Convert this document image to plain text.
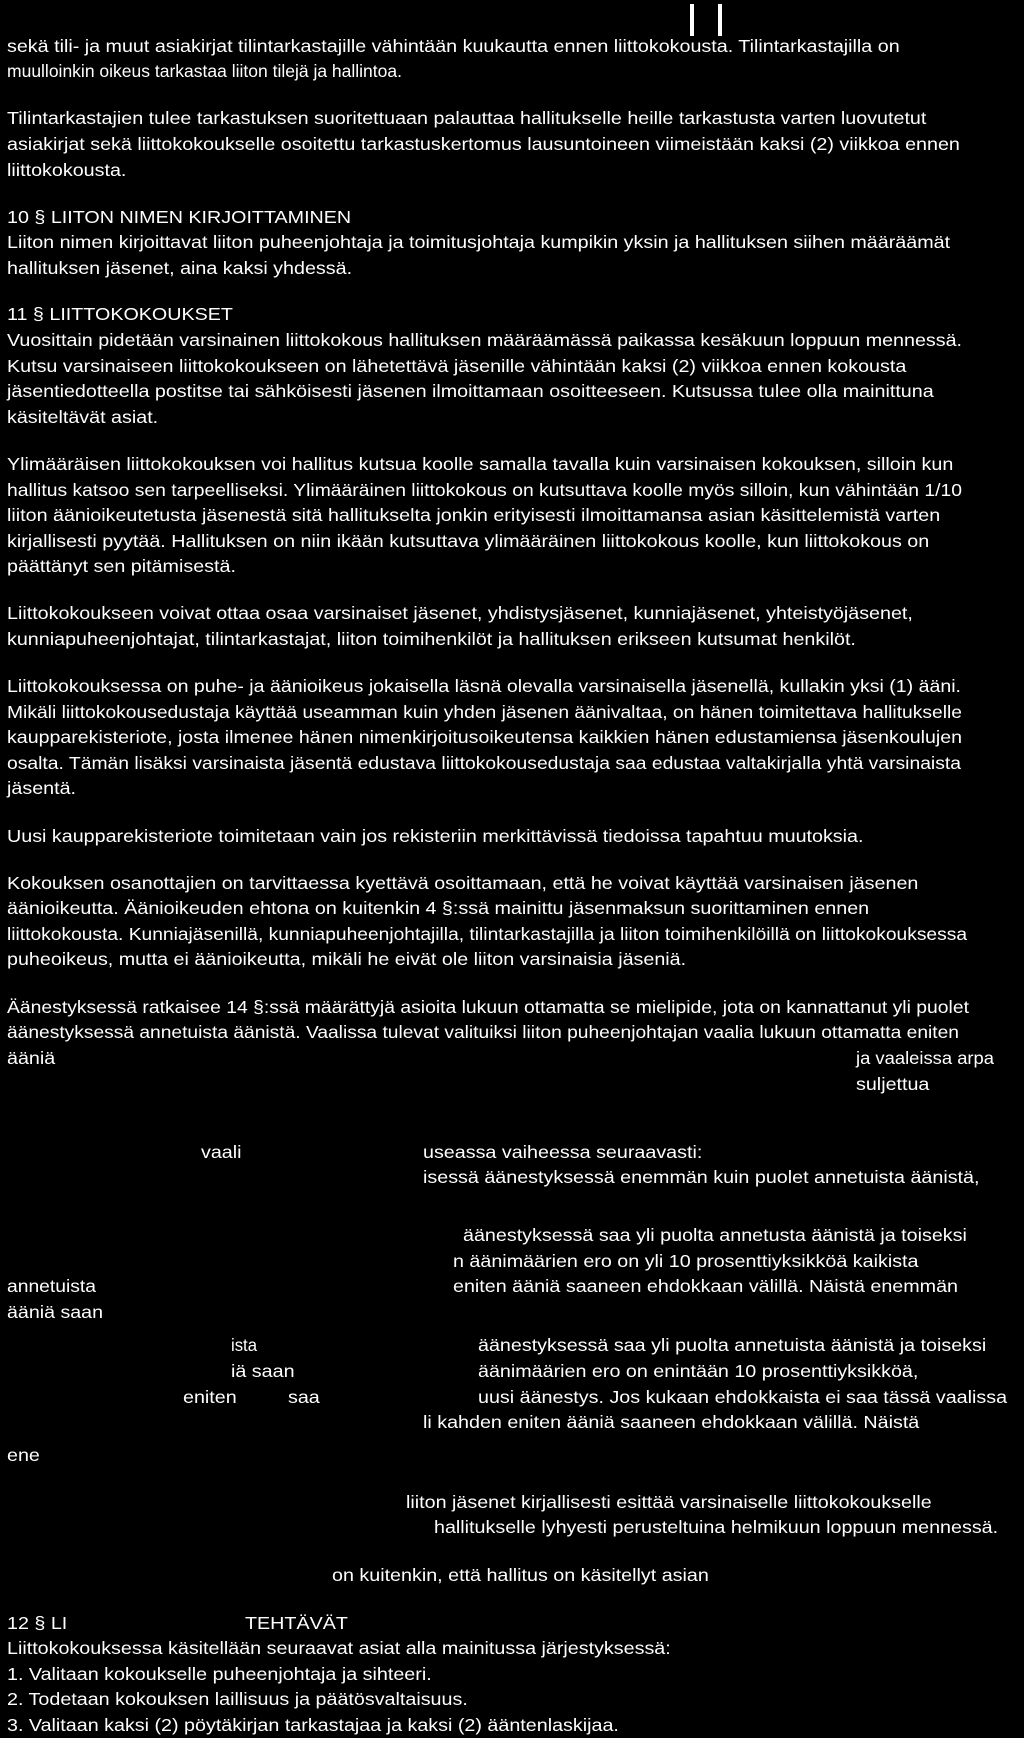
sekä tili- ja muut asiakirjat tilintarkastajille vähintään kuukautta ennen liittokokousta. Tilintarkastajilla on
muulloinkin oikeus tarkastaa liiton tilejä ja hallintoa.
Tilintarkastajien tulee tarkastuksen suoritettuaan palauttaa hallitukselle heille tarkastusta varten luovutetut
asiakirjat sekä liittokokoukselle osoitettu tarkastuskertomus lausuntoineen viimeistään kaksi (2) viikkoa ennen
liittokokousta.
10 § LIITON NIMEN KIRJOITTAMINEN
Liiton nimen kirjoittavat liiton puheenjohtaja ja toimitusjohtaja kumpikin yksin ja hallituksen siihen määräämät
hallituksen jäsenet, aina kaksi yhdessä.
11 § LIITTOKOKOUKSET
Vuosittain pidetään varsinainen liittokokous hallituksen määräämässä paikassa kesäkuun loppuun mennessä.
Kutsu varsinaiseen liittokokoukseen on lähetettävä jäsenille vähintään kaksi (2) viikkoa ennen kokousta
jäsentiedotteella postitse tai sähköisesti jäsenen ilmoittamaan osoitteeseen. Kutsussa tulee olla mainittuna
käsiteltävät asiat.
Ylimääräisen liittokokouksen voi hallitus kutsua koolle samalla tavalla kuin varsinaisen kokouksen, silloin kun
hallitus katsoo sen tarpeelliseksi. Ylimääräinen liittokokous on kutsuttava koolle myös silloin, kun vähintään 1/10
liiton äänioikeutetusta jäsenestä sitä hallitukselta jonkin erityisesti ilmoittamansa asian käsittelemistä varten
kirjallisesti pyytää. Hallituksen on niin ikään kutsuttava ylimääräinen liittokokous koolle, kun liittokokous on
päättänyt sen pitämisestä.
Liittokokoukseen voivat ottaa osaa varsinaiset jäsenet, yhdistysjäsenet, kunniajäsenet, yhteistyöjäsenet,
kunniapuheenjohtajat, tilintarkastajat, liiton toimihenkilöt ja hallituksen erikseen kutsumat henkilöt.
Liittokokouksessa on puhe- ja äänioikeus jokaisella läsnä olevalla varsinaisella jäsenellä, kullakin yksi (1) ääni.
Mikäli liittokokousedustaja käyttää useamman kuin yhden jäsenen äänivaltaa, on hänen toimitettava hallitukselle
kaupparekisteriote, josta ilmenee hänen nimenkirjoitusoikeutensa kaikkien hänen edustamiensa jäsenkoulujen
osalta. Tämän lisäksi varsinaista jäsentä edustava liittokokousedustaja saa edustaa valtakirjalla yhtä varsinaista
jäsentä.
Uusi kaupparekisteriote toimitetaan vain jos rekisteriin merkittävissä tiedoissa tapahtuu muutoksia.
Kokouksen osanottajien on tarvittaessa kyettävä osoittamaan, että he voivat käyttää varsinaisen jäsenen
äänioikeutta. Äänioikeuden ehtona on kuitenkin 4 §:ssä mainittu jäsenmaksun suorittaminen ennen
liittokokousta. Kunniajäsenillä, kunniapuheenjohtajilla, tilintarkastajilla ja liiton toimihenkilöillä on liittokokouksessa
puheoikeus, mutta ei äänioikeutta, mikäli he eivät ole liiton varsinaisia jäseniä.
Äänestyksessä ratkaisee 14 §:ssä määrättyjä asioita lukuun ottamatta se mielipide, jota on kannattanut yli puolet
äänestyksessä annetuista äänistä. Vaalissa tulevat valituiksi liiton puheenjohtajan vaalia lukuun ottamatta eniten
ääniä	ja vaaleissa arpa
suljettua
vaali	useassa vaiheessa seuraavasti:
isessä äänestyksessä enemmän kuin puolet annetuista äänistä,
äänestyksessä saa yli puolta annetusta äänistä ja toiseksi
n äänimäärien ero on yli 10 prosenttiyksikköä kaikista
annetuista	eniten ääniä saaneen ehdokkaan välillä. Näistä enemmän
ääniä saan
ista	äänestyksessä saa yli puolta annetuista äänistä ja toiseksi
iä saan	äänimäärien ero on enintään 10 prosenttiyksikköä,
eniten	saa	uusi äänestys. Jos kukaan ehdokkaista ei saa tässä vaalissa
li kahden eniten ääniä saaneen ehdokkaan välillä. Näistä
ene
liiton jäsenet kirjallisesti esittää varsinaiselle liittokokoukselle
hallitukselle lyhyesti perusteltuina helmikuun loppuun mennessä.
on kuitenkin, että hallitus on käsitellyt asian
12 § LI	TEHTÄVÄT
Liittokokouksessa käsitellään seuraavat asiat alla mainitussa järjestyksessä:
1. Valitaan kokoukselle puheenjohtaja ja sihteeri.
2. Todetaan kokouksen laillisuus ja päätösvaltaisuus.
3. Valitaan kaksi (2) pöytäkirjan tarkastajaa ja kaksi (2) ääntenlaskijaa.
